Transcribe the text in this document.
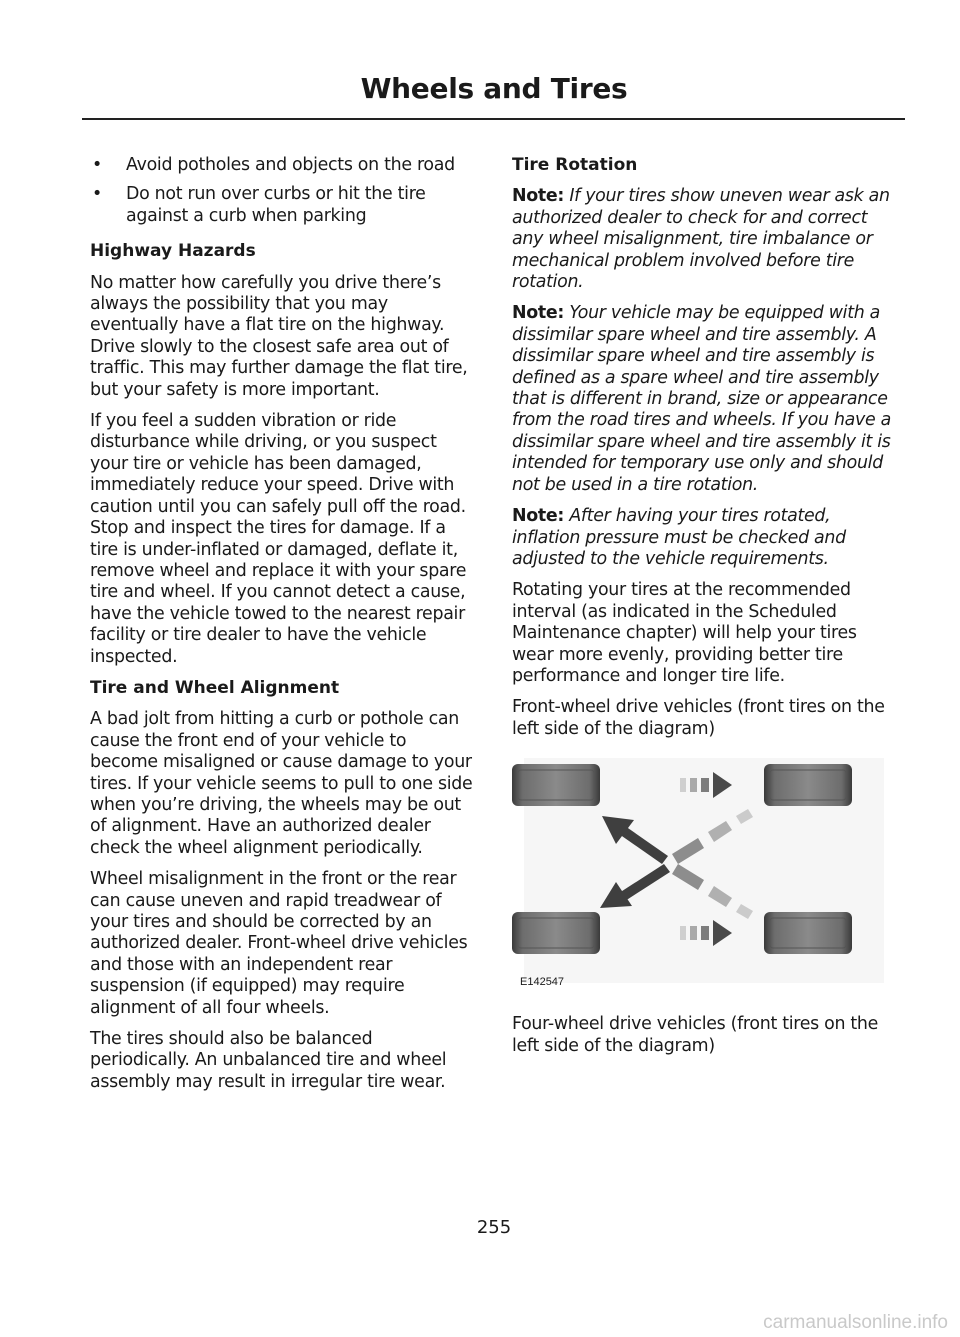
Wheels and Tires
•	Avoid potholes and objects on the road
•	Do not run over curbs or hit the tire against a curb when parking

Highway Hazards

No matter how carefully you drive there’s always the possibility that you may eventually have a flat tire on the highway. Drive slowly to the closest safe area out of traffic. This may further damage the flat tire, but your safety is more important.

If you feel a sudden vibration or ride disturbance while driving, or you suspect your tire or vehicle has been damaged, immediately reduce your speed. Drive with caution until you can safely pull off the road. Stop and inspect the tires for damage. If a tire is under-inflated or damaged, deflate it, remove wheel and replace it with your spare tire and wheel. If you cannot detect a cause, have the vehicle towed to the nearest repair facility or tire dealer to have the vehicle inspected.

Tire and Wheel Alignment

A bad jolt from hitting a curb or pothole can cause the front end of your vehicle to become misaligned or cause damage to your tires. If your vehicle seems to pull to one side when you’re driving, the wheels may be out of alignment. Have an authorized dealer check the wheel alignment periodically.

Wheel misalignment in the front or the rear can cause uneven and rapid treadwear of your tires and should be corrected by an authorized dealer. Front-wheel drive vehicles and those with an independent rear suspension (if equipped) may require alignment of all four wheels.

The tires should also be balanced periodically. An unbalanced tire and wheel assembly may result in irregular tire wear.

Tire Rotation

Note: If your tires show uneven wear ask an authorized dealer to check for and correct any wheel misalignment, tire imbalance or mechanical problem involved before tire rotation.

Note: Your vehicle may be equipped with a dissimilar spare wheel and tire assembly. A dissimilar spare wheel and tire assembly is defined as a spare wheel and tire assembly that is different in brand, size or appearance from the road tires and wheels. If you have a dissimilar spare wheel and tire assembly it is intended for temporary use only and should not be used in a tire rotation.

Note: After having your tires rotated, inflation pressure must be checked and adjusted to the vehicle requirements.

Rotating your tires at the recommended interval (as indicated in the Scheduled Maintenance chapter) will help your tires wear more evenly, providing better tire performance and longer tire life.

Front-wheel drive vehicles (front tires on the left side of the diagram)

E142547

Four-wheel drive vehicles (front tires on the left side of the diagram)

255
carmanualsonline.info
